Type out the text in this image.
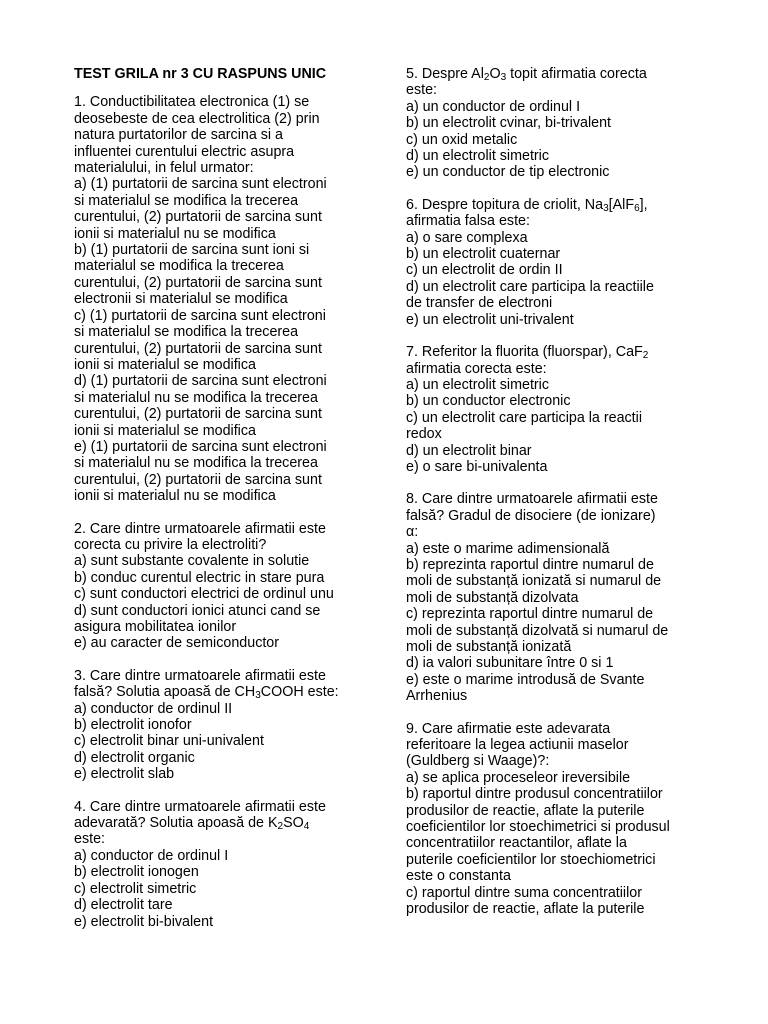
TEST GRILA nr 3 CU RASPUNS UNIC
1. Conductibilitatea electronica (1) se
deosebeste de cea electrolitica (2) prin
natura purtatorilor de sarcina si a
influentei curentului electric asupra
materialului, in felul urmator:
a) (1) purtatorii de sarcina sunt electroni
si materialul se modifica la trecerea
curentului, (2) purtatorii de sarcina sunt
ionii si materialul nu se modifica
b) (1) purtatorii de sarcina sunt ioni si
materialul se modifica la trecerea
curentului, (2) purtatorii de sarcina sunt
electronii si materialul se modifica
c) (1) purtatorii de sarcina sunt electroni
si materialul se modifica la trecerea
curentului, (2) purtatorii de sarcina sunt
ionii si materialul se modifica
d) (1) purtatorii de sarcina sunt electroni
si materialul nu se modifica la trecerea
curentului, (2) purtatorii de sarcina sunt
ionii si materialul se modifica
e) (1) purtatorii de sarcina sunt electroni
si materialul nu se modifica la trecerea
curentului, (2) purtatorii de sarcina sunt
ionii si materialul nu se modifica
2. Care dintre urmatoarele afirmatii este
corecta cu privire la electroliti?
a) sunt substante covalente in solutie
b) conduc curentul electric in stare pura
c) sunt conductori electrici de ordinul unu
d) sunt conductori ionici atunci cand se
asigura mobilitatea ionilor
e) au caracter de semiconductor
3. Care dintre urmatoarele afirmatii este
falsă? Solutia apoasă de $CH_3COOH$ este:
a) conductor de ordinul II
b) electrolit ionofor
c) electrolit binar uni-univalent
d) electrolit organic
e) electrolit slab
4. Care dintre urmatoarele afirmatii este
adevarată? Solutia apoasă de $K_2SO_4$
este:
a) conductor de ordinul I
b) electrolit ionogen
c) electrolit simetric
d) electrolit tare
e) electrolit bi-bivalent
5. Despre $Al_2O_3$ topit afirmatia corecta
este:
a) un conductor de ordinul I
b) un electrolit cvinar, bi-trivalent
c) un oxid metalic
d) un electrolit simetric
e) un conductor de tip electronic
6. Despre topitura de criolit, $Na_3[AlF_6]$,
afirmatia falsa este:
a) o sare complexa
b) un electrolit cuaternar
c) un electrolit de ordin II
d) un electrolit care participa la reactiile
de transfer de electroni
e) un electrolit uni-trivalent
7. Referitor la fluorita (fluorspar), CaF$_2$
afirmatia corecta este:
a) un electrolit simetric
b) un conductor electronic
c) un electrolit care participa la reactii
redox
d) un electrolit binar
e) o sare bi-univalenta
8. Care dintre urmatoarele afirmatii este
falsă? Gradul de disociere (de ionizare)
α:
a) este o marime adimensională
b) reprezinta raportul dintre numarul de
moli de substanță ionizată si numarul de
moli de substanță dizolvata
c) reprezinta raportul dintre numarul de
moli de substanță dizolvată si numarul de
moli de substanță ionizată
d) ia valori subunitare între 0 si 1
e) este o marime introdusă de Svante
Arrhenius
9. Care afirmatie este adevarata
referitoare la legea actiunii maselor
(Guldberg si Waage)?:
a) se aplica proceseleor ireversibile
b) raportul dintre produsul concentratiilor
produsilor de reactie, aflate la puterile
coeficientilor lor stoechimetrici si produsul
concentratiilor reactantilor, aflate la
puterile coeficientilor lor stoechiometrici
este o constanta
c) raportul dintre suma concentratiilor
produsilor de reactie, aflate la puterile
